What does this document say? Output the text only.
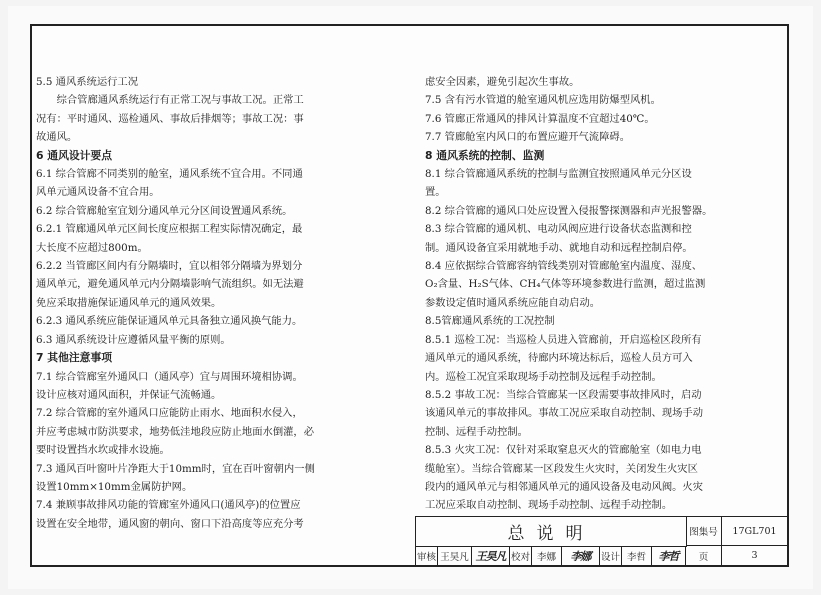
5.5 通风系统运行工况
　　综合管廊通风系统运行有正常工况与事故工况。正常工
况有：平时通风、巡检通风、事故后排烟等；事故工况：事
故通风。
6 通风设计要点
6.1 综合管廊不同类别的舱室，通风系统不宜合用。不同通
风单元通风设备不宜合用。
6.2 综合管廊舱室宜划分通风单元分区间设置通风系统。
6.2.1 管廊通风单元区间长度应根据工程实际情况确定，最
大长度不应超过800m。
6.2.2 当管廊区间内有分隔墙时，宜以相邻分隔墙为界划分
通风单元，避免通风单元内分隔墙影响气流组织。如无法避
免应采取措施保证通风单元的通风效果。
6.2.3 通风系统应能保证通风单元具备独立通风换气能力。
6.3 通风系统设计应遵循风量平衡的原则。
7 其他注意事项
7.1 综合管廊室外通风口（通风亭）宜与周围环境相协调。
设计应核对通风面积，并保证气流畅通。
7.2 综合管廊的室外通风口应能防止雨水、地面积水侵入，
并应考虑城市防洪要求，地势低洼地段应防止地面水倒灌，必
要时设置挡水坎或排水设施。
7.3 通风百叶窗叶片净距大于10mm时，宜在百叶窗朝内一侧
设置10mm×10mm金属防护网。
7.4 兼顾事故排风功能的管廊室外通风口(通风亭)的位置应
设置在安全地带，通风窗的朝向、窗口下沿高度等应充分考
虑安全因素，避免引起次生事故。
7.5 含有污水管道的舱室通风机应选用防爆型风机。
7.6 管廊正常通风的排风计算温度不宜超过40℃。
7.7 管廊舱室内风口的布置应避开气流障碍。
8 通风系统的控制、监测
8.1 综合管廊通风系统的控制与监测宜按照通风单元分区设
置。
8.2 综合管廊的通风口处应设置入侵报警探测器和声光报警器。
8.3 综合管廊的通风机、电动风阀应进行设备状态监测和控
制。通风设备宜采用就地手动、就地自动和远程控制启停。
8.4 应依据综合管廊容纳管线类别对管廊舱室内温度、湿度、
O₂含量、H₂S气体、CH₄气体等环境参数进行监测，超过监测
参数设定值时通风系统应能自动启动。
8.5管廊通风系统的工况控制
8.5.1 巡检工况：当巡检人员进入管廊前，开启巡检区段所有
通风单元的通风系统，待廊内环境达标后，巡检人员方可入
内。巡检工况宜采取现场手动控制及远程手动控制。
8.5.2 事故工况：当综合管廊某一区段需要事故排风时，启动
该通风单元的事故排风。事故工况应采取自动控制、现场手动
控制、远程手动控制。
8.5.3 火灾工况：仅针对采取窒息灭火的管廊舱室（如电力电
缆舱室）。当综合管廊某一区段发生火灾时，关闭发生火灾区
段内的通风单元与相邻通风单元的通风设备及电动风阀。火灾
工况应采取自动控制、现场手动控制、远程手动控制。
总说明	图集号	17GL701
审核 王昊凡 王昊凡 校对 李娜	李娜	设计 李哲	李哲	页	3
